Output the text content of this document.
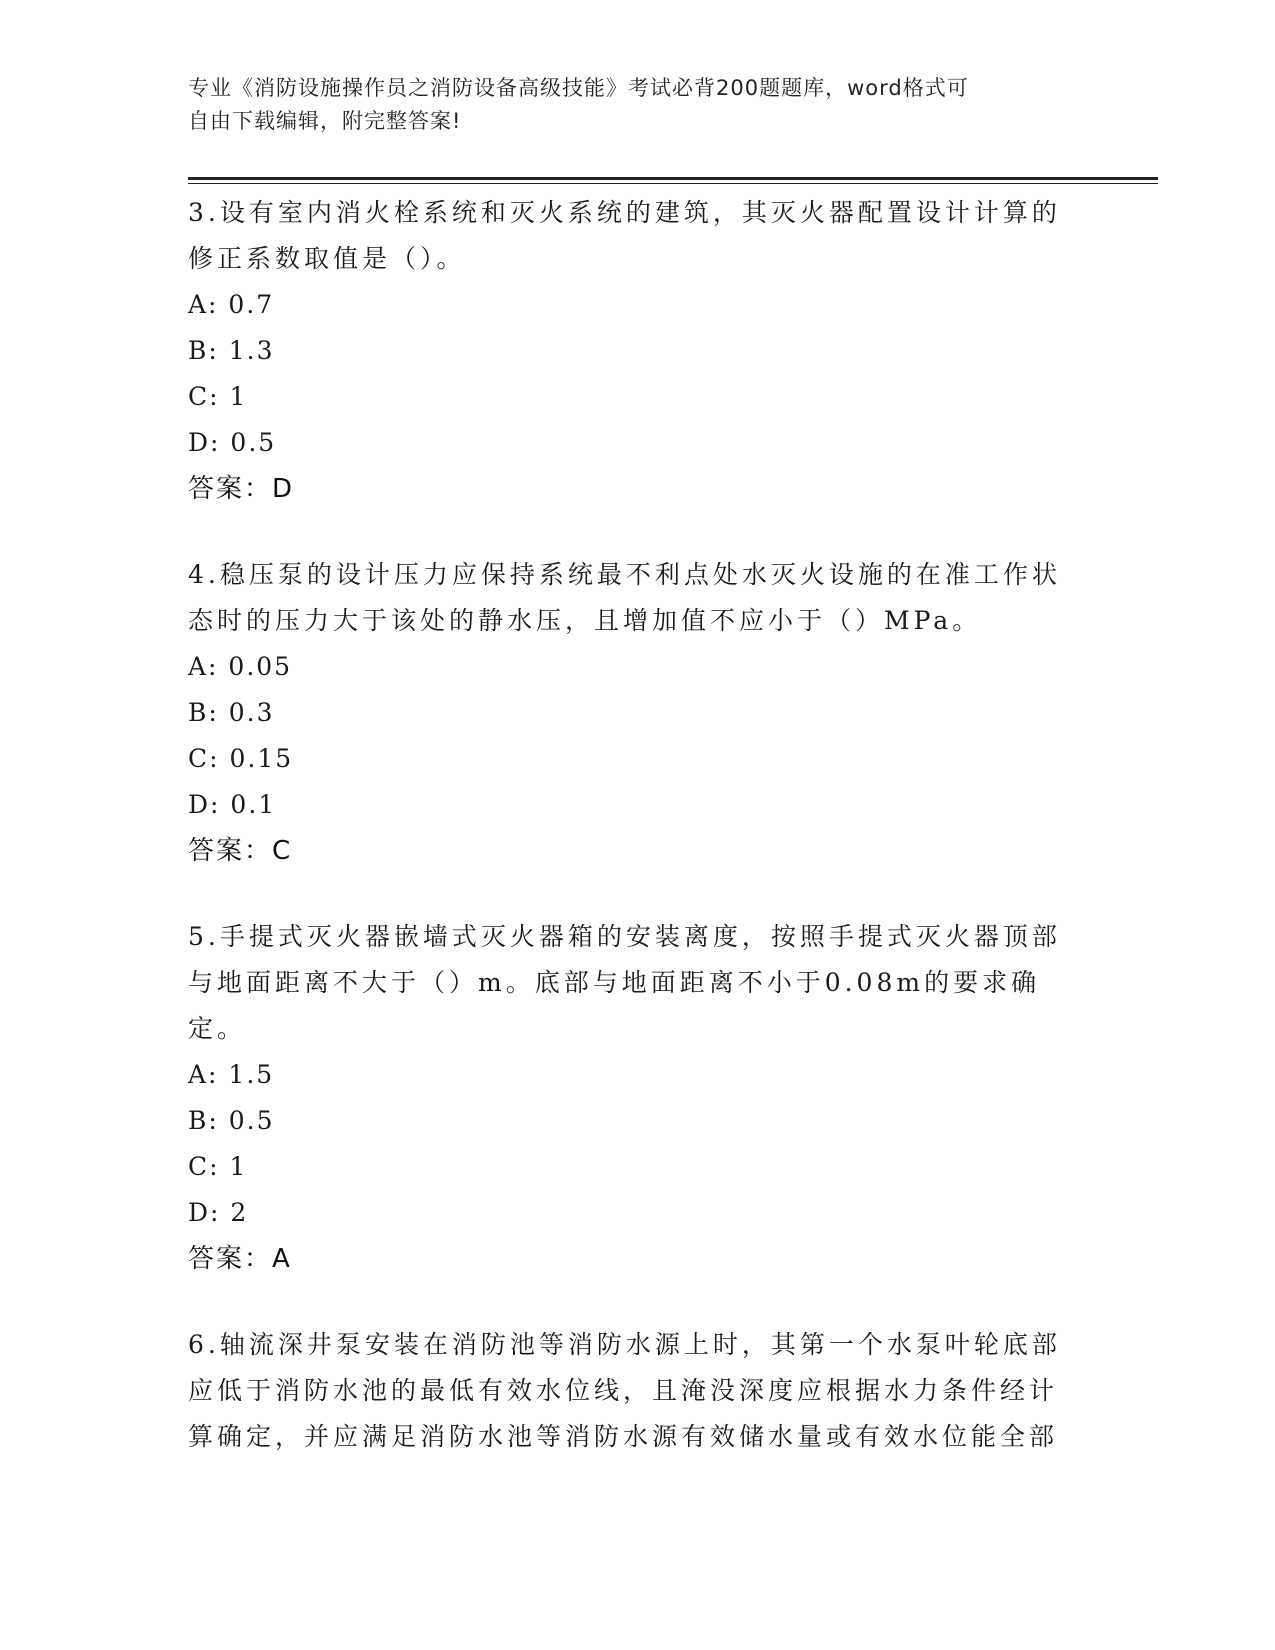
专业《消防设施操作员之消防设备高级技能》考试必背200题题库，word格式可
自由下载编辑，附完整答案!
3.设有室内消火栓系统和灭火系统的建筑，其灭火器配置设计计算的修正系数取值是（）。
A: 0.7
B: 1.3
C: 1
D: 0.5
答案：D
4.稳压泵的设计压力应保持系统最不利点处水灭火设施的在准工作状态时的压力大于该处的静水压，且增加值不应小于（）MPa。
A: 0.05
B: 0.3
C: 0.15
D: 0.1
答案：C
5.手提式灭火器嵌墙式灭火器箱的安装离度，按照手提式灭火器顶部与地面距离不大于（）m。底部与地面距离不小于0.08m的要求确定。
A: 1.5
B: 0.5
C: 1
D: 2
答案：A
6.轴流深井泵安装在消防池等消防水源上时，其第一个水泵叶轮底部应低于消防水池的最低有效水位线，且淹没深度应根据水力条件经计算确定，并应满足消防水池等消防水源有效储水量或有效水位能全部
